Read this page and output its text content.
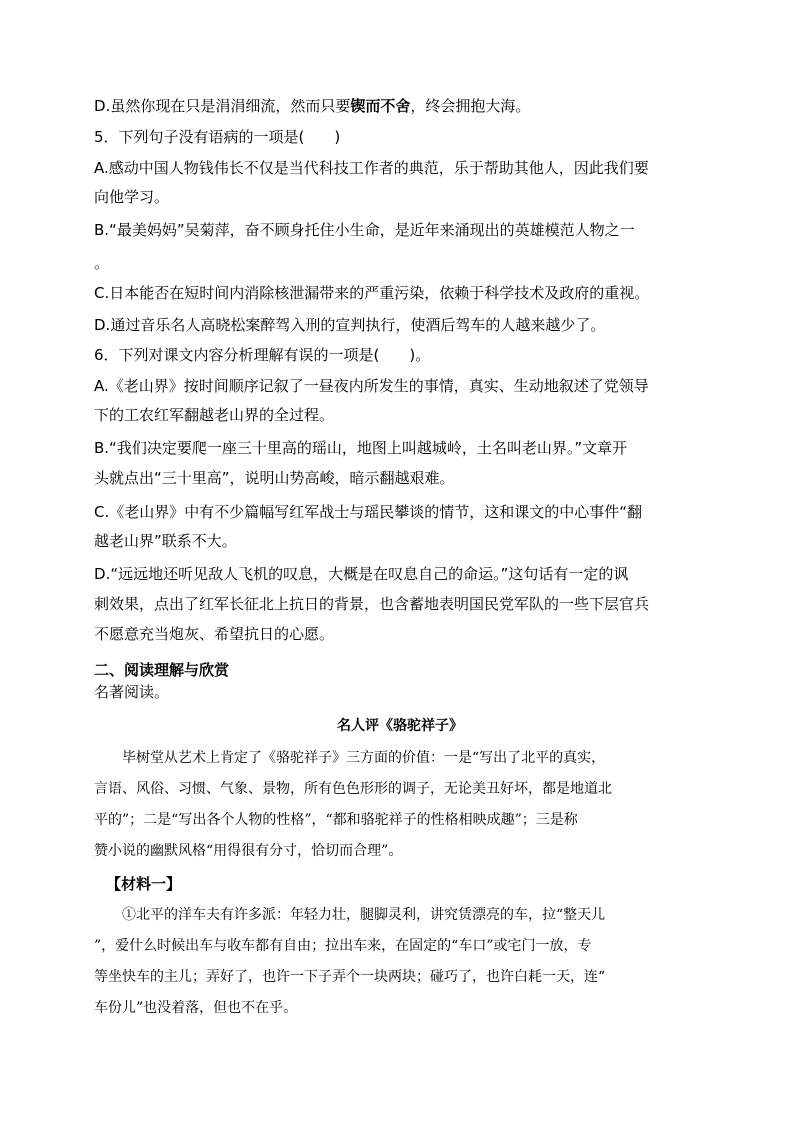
D.虽然你现在只是涓涓细流，然而只要锲而不舍，终会拥抱大海。
5．下列句子没有语病的一项是(　　)
A.感动中国人物钱伟长不仅是当代科技工作者的典范，乐于帮助其他人，因此我们要
向他学习。
B.“最美妈妈”吴菊萍，奋不顾身托住小生命，是近年来涌现出的英雄模范人物之一
。
C.日本能否在短时间内消除核泄漏带来的严重污染，依赖于科学技术及政府的重视。
D.通过音乐名人高晓松案醉驾入刑的宣判执行，使酒后驾车的人越来越少了。
6．下列对课文内容分析理解有误的一项是(　　)。
A.《老山界》按时间顺序记叙了一昼夜内所发生的事情，真实、生动地叙述了党领导
下的工农红军翻越老山界的全过程。
B.“我们决定要爬一座三十里高的瑶山，地图上叫越城岭，土名叫老山界。”文章开
头就点出“三十里高”，说明山势高峻，暗示翻越艰难。
C.《老山界》中有不少篇幅写红军战士与瑶民攀谈的情节，这和课文的中心事件“翻
越老山界”联系不大。
D.“远远地还听见敌人飞机的叹息，大概是在叹息自己的命运。”这句话有一定的讽
刺效果，点出了红军长征北上抗日的背景，也含蓄地表明国民党军队的一些下层官兵
不愿意充当炮灰、希望抗日的心愿。
二、阅读理解与欣赏
名著阅读。
名人评《骆驼祥子》
毕树堂从艺术上肯定了《骆驼祥子》三方面的价值：一是“写出了北平的真实，
言语、风俗、习惯、气象、景物，所有色色形形的调子，无论美丑好坏，都是地道北
平的”；二是“写出各个人物的性格”，“都和骆驼祥子的性格相映成趣”；三是称
赞小说的幽默风格“用得很有分寸，恰切而合理”。
【材料一】
①北平的洋车夫有许多派：年轻力壮，腿脚灵利，讲究赁漂亮的车，拉“整天儿
”，爱什么时候出车与收车都有自由；拉出车来，在固定的“车口”或宅门一放，专
等坐快车的主儿；弄好了，也许一下子弄个一块两块；碰巧了，也许白耗一天，连“
车份儿”也没着落，但也不在乎。
